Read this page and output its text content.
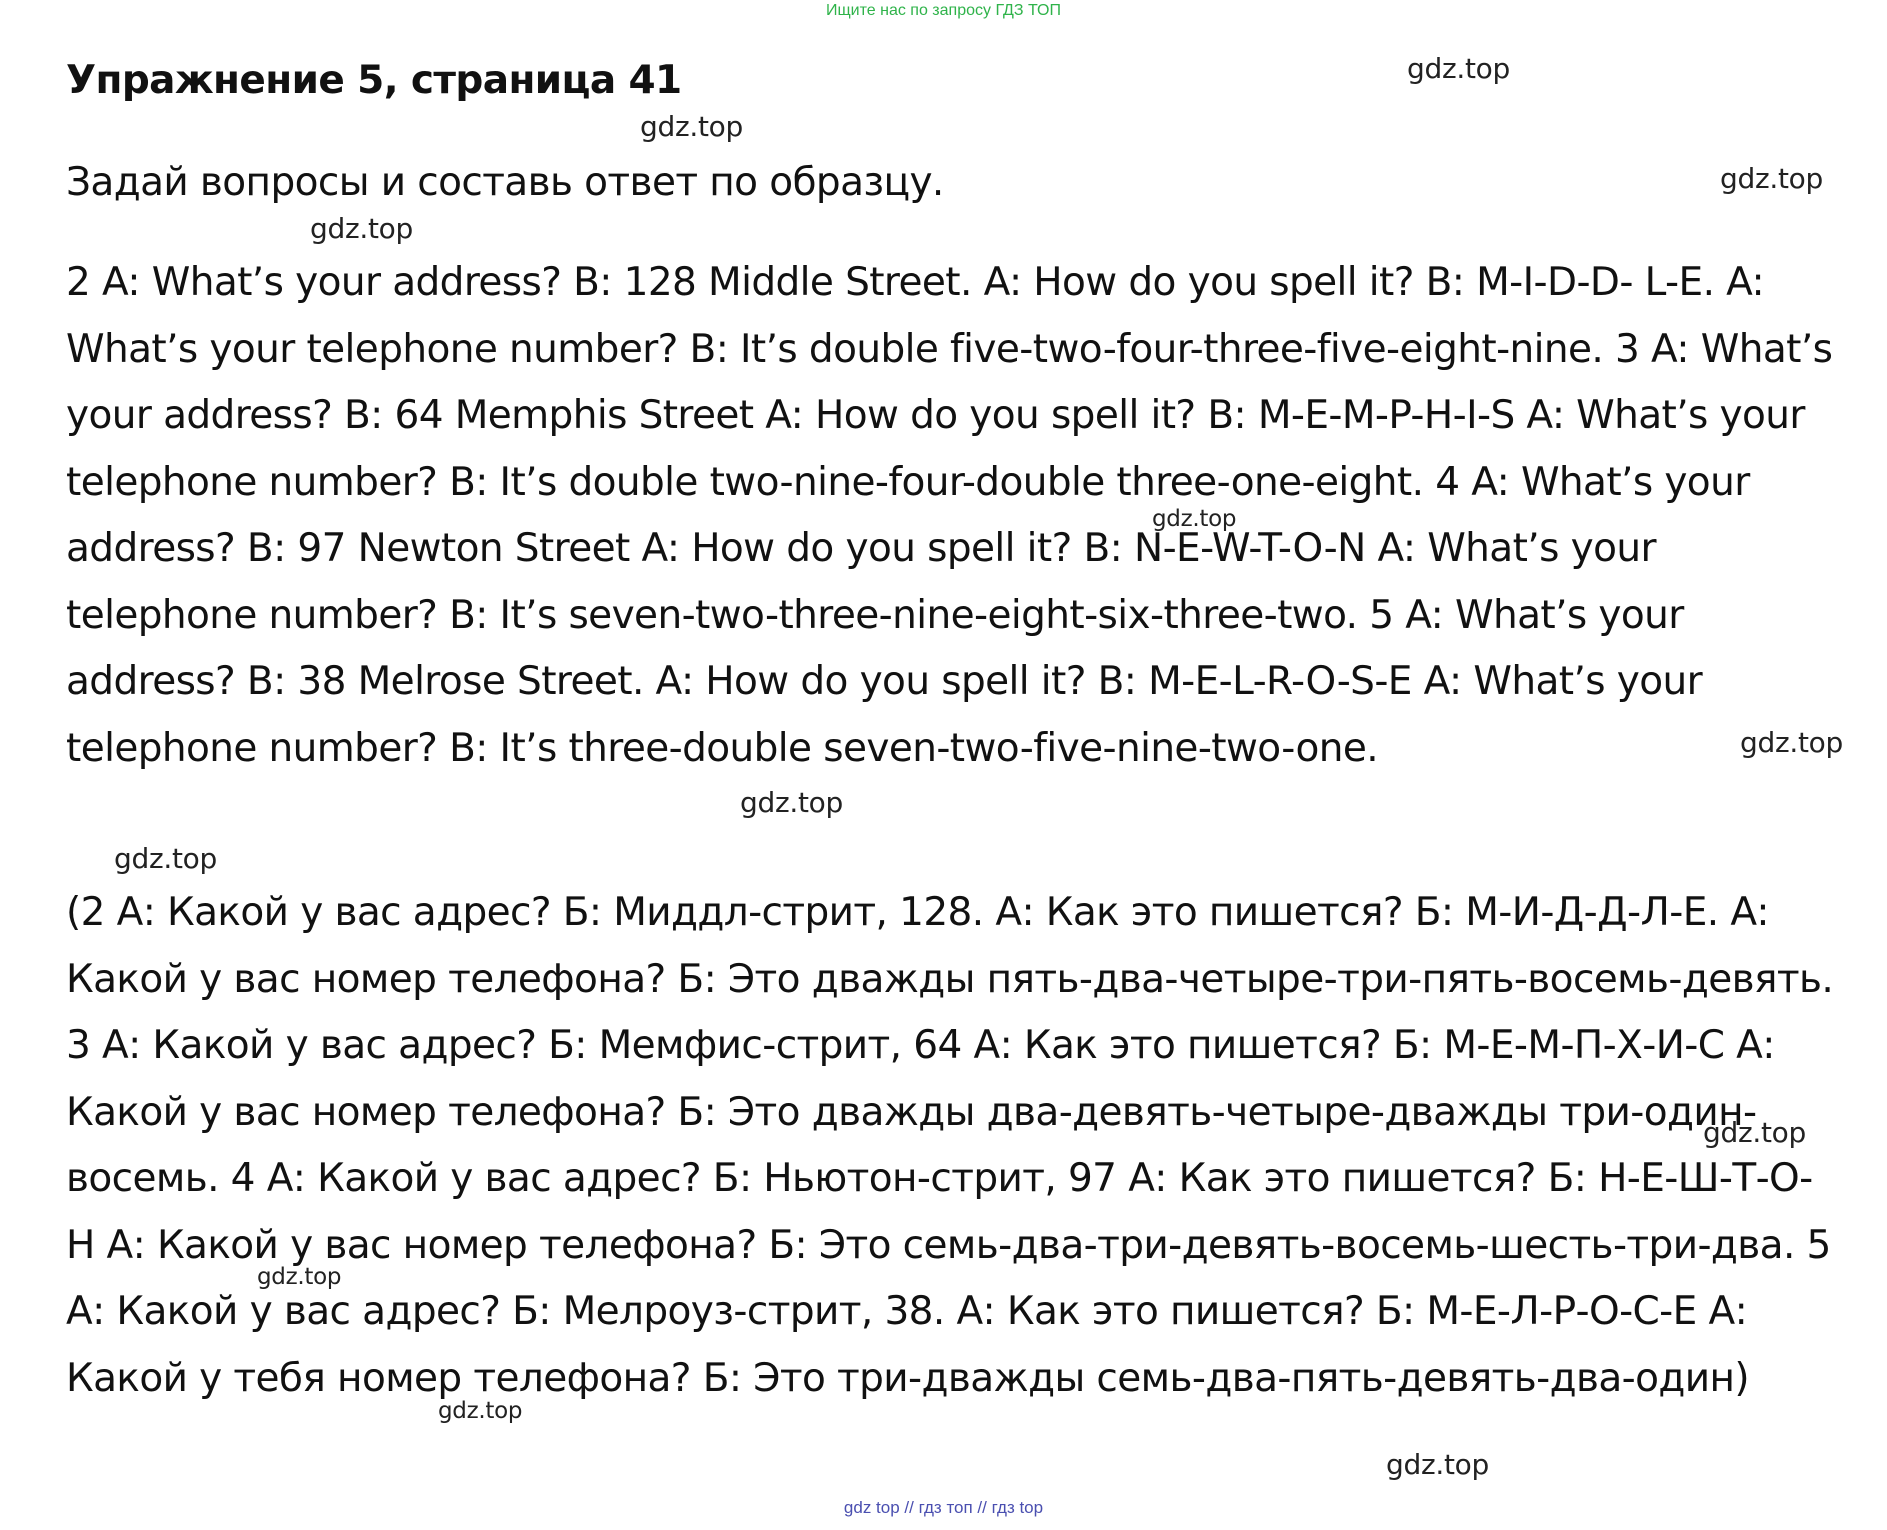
Ищите нас по запросу ГДЗ ТОП
Упражнение 5, страница 41

Задай вопросы и составь ответ по образцу.

2 A: What’s your address? B: 128 Middle Street. A: How do you spell it? B: M-I-D-D- L-E. A: What’s your telephone number? B: It’s double five-two-four-three-five-eight-nine. 3 A: What’s your address? B: 64 Memphis Street A: How do you spell it? B: M-E-M-P-H-I-S A: What’s your telephone number? B: It’s double two-nine-four-double three-one-eight. 4 A: What’s your address? B: 97 Newton Street A: How do you spell it? B: N-E-W-T-O-N A: What’s your telephone number? B: It’s seven-two-three-nine-eight-six-three-two. 5 A: What’s your address? B: 38 Melrose Street. A: How do you spell it? B: M-E-L-R-O-S-E A: What’s your telephone number? B: It’s three-double seven-two-five-nine-two-one.

(2 А: Какой у вас адрес? Б: Миддл-стрит, 128. А: Как это пишется? Б: М-И-Д-Д-Л-Е. А: Какой у вас номер телефона? Б: Это дважды пять-два-четыре-три-пять-восемь-девять. 3 А: Какой у вас адрес? Б: Мемфис-стрит, 64 А: Как это пишется? Б: М-Е-М-П-Х-И-С А: Какой у вас номер телефона? Б: Это дважды два-девять-четыре-дважды три-один-восемь. 4 А: Какой у вас адрес? Б: Ньютон-стрит, 97 А: Как это пишется? Б: Н-Е-Ш-Т-О-Н А: Какой у вас номер телефона? Б: Это семь-два-три-девять-восемь-шесть-три-два. 5 А: Какой у вас адрес? Б: Мелроуз-стрит, 38. А: Как это пишется? Б: М-Е-Л-Р-О-С-Е А: Какой у тебя номер телефона? Б: Это три-дважды семь-два-пять-девять-два-один)

gdz.top
gdz.top
gdz.top
gdz.top
gdz.top
gdz.top
gdz.top
gdz.top
gdz.top
gdz.top
gdz.top
gdz.top
gdz top // гдз топ // гдз top
